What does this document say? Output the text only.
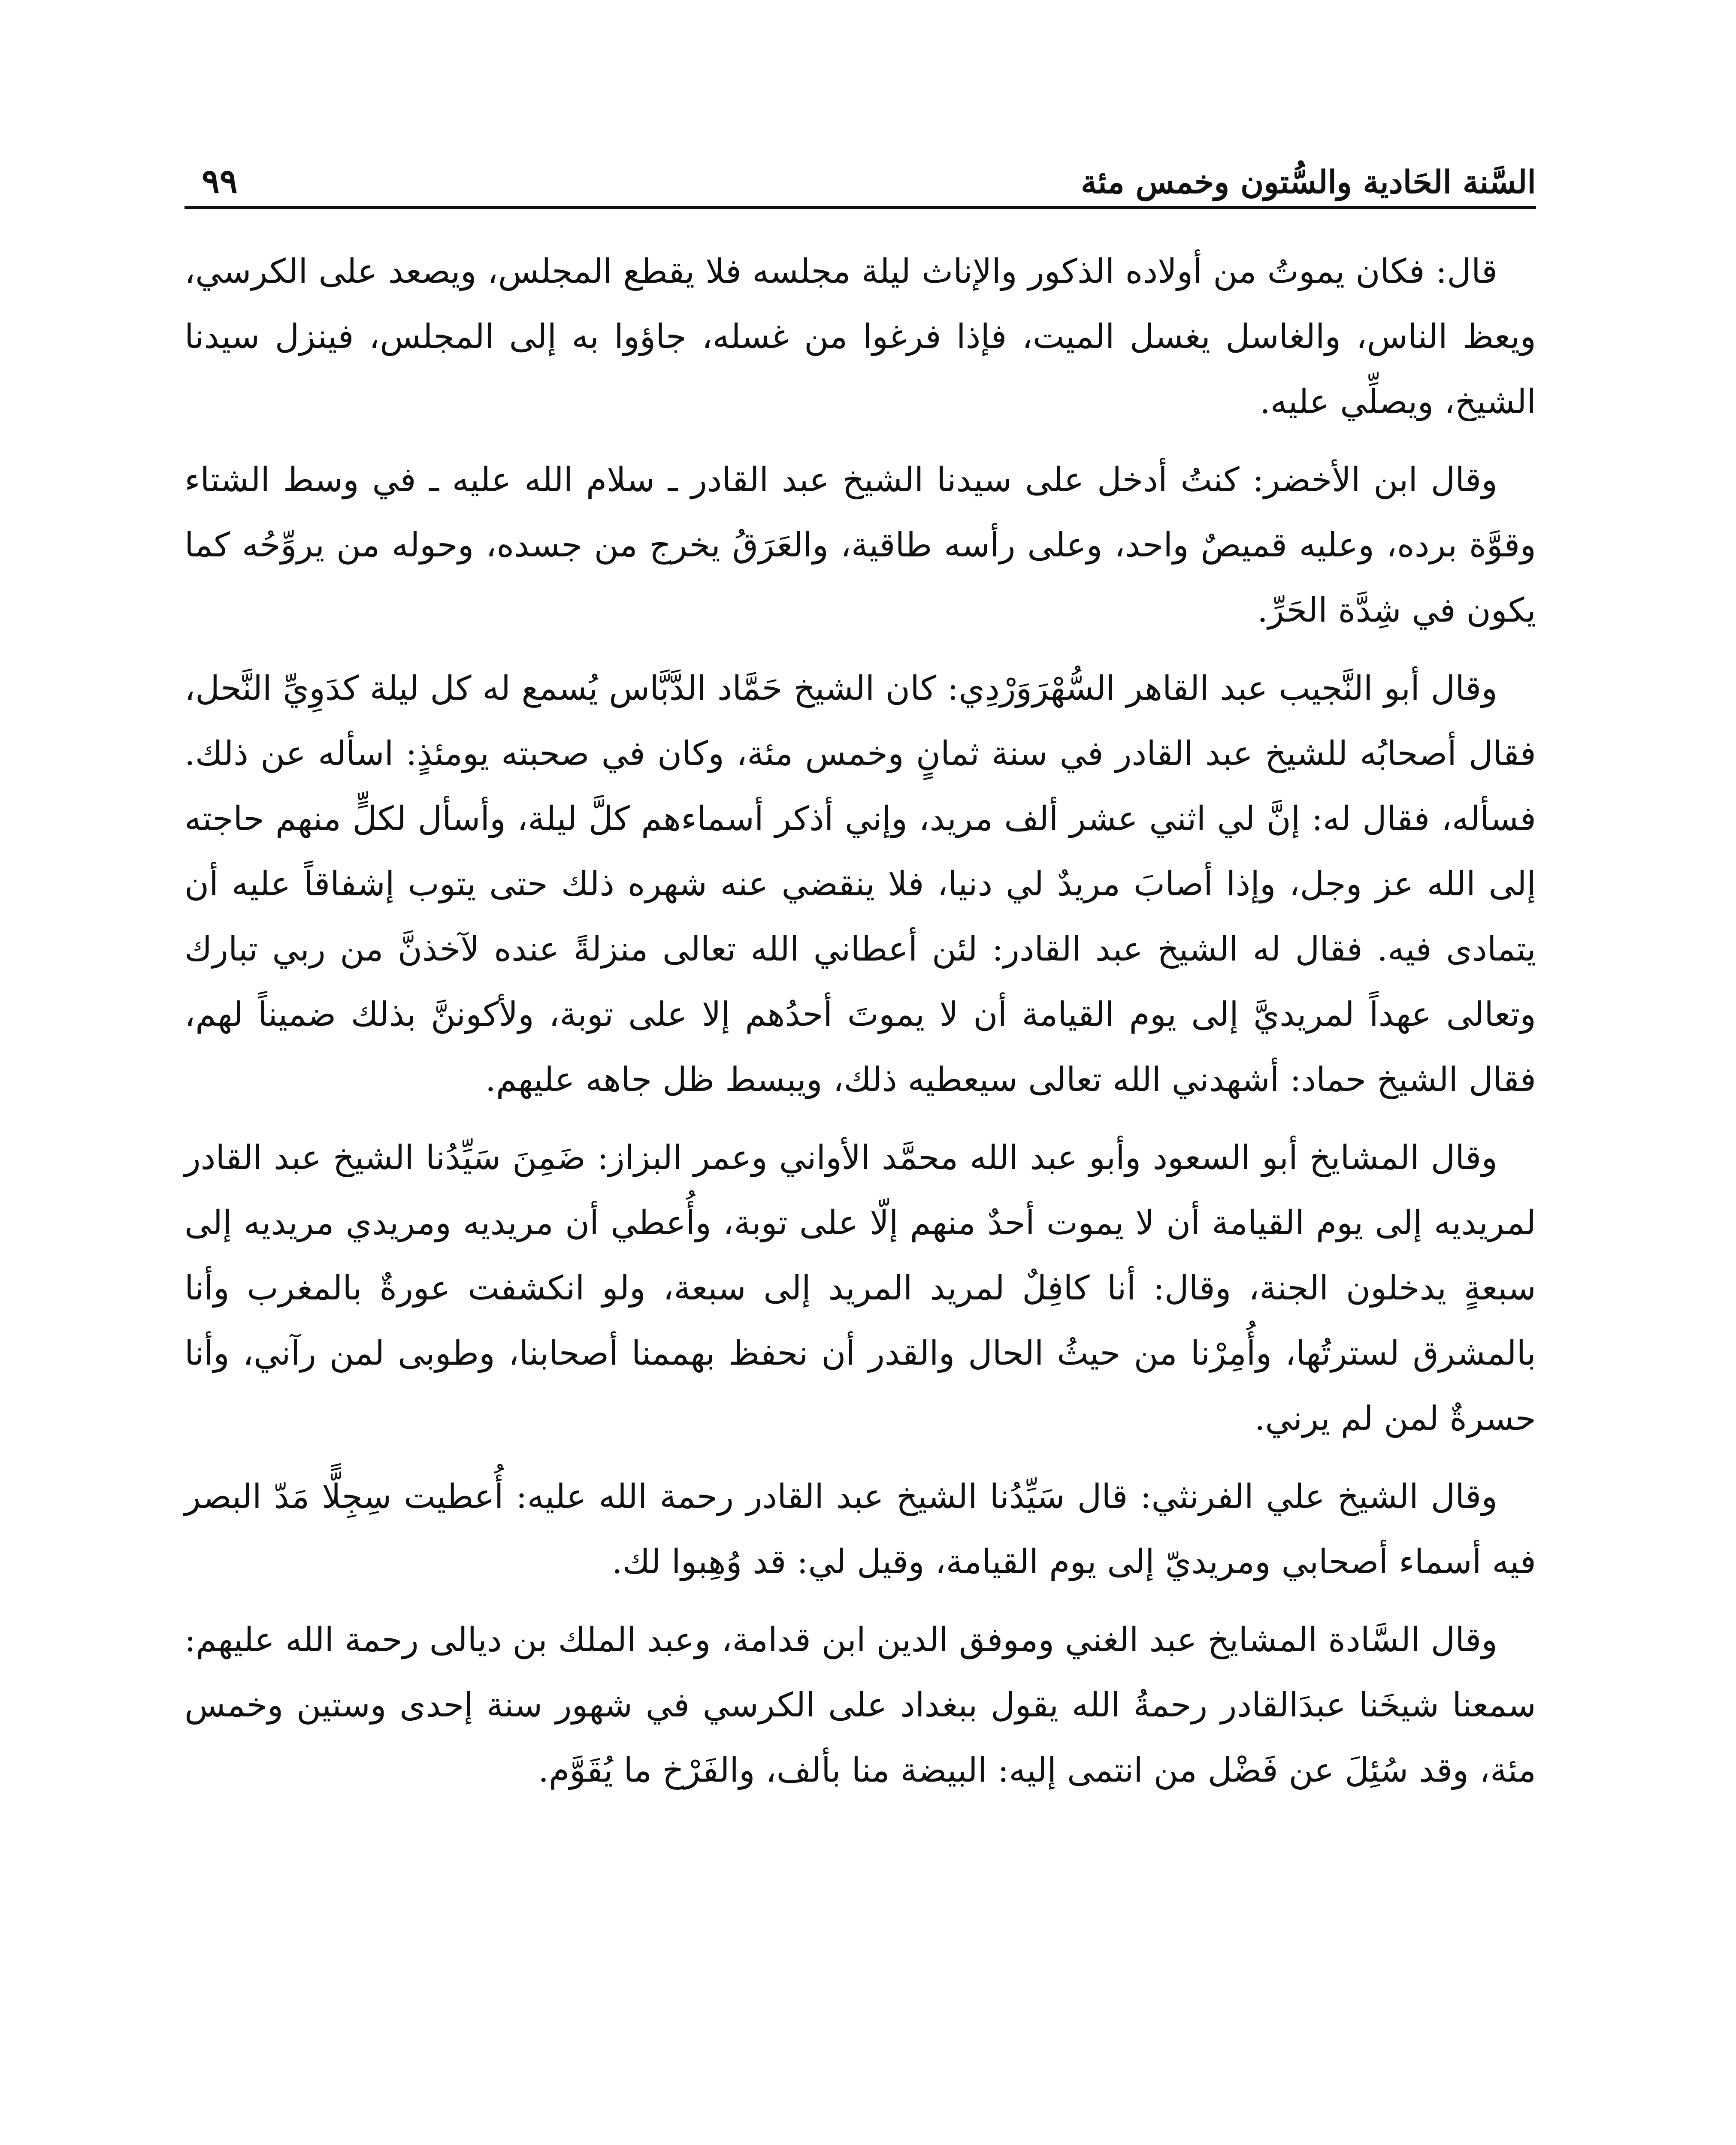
السَّنة الحَادية والسُّتون وخمس مئة
٩٩

قال: فكان يموتُ من أولاده الذكور والإناث ليلة مجلسه فلا يقطع المجلس، ويصعد على الكرسي، ويعظ الناس، والغاسل يغسل الميت، فإذا فرغوا من غسله، جاؤوا به إلى المجلس، فينزل سيدنا الشيخ، ويصلِّي عليه.

وقال ابن الأخضر: كنتُ أدخل على سيدنا الشيخ عبد القادر ـ سلام الله عليه ـ في وسط الشتاء وقوَّة برده، وعليه قميصٌ واحد، وعلى رأسه طاقية، والعَرَقُ يخرج من جسده، وحوله من يروِّحُه كما يكون في شِدَّة الحَرِّ.

وقال أبو النَّجيب عبد القاهر السُّهْرَوَرْدِي: كان الشيخ حَمَّاد الدَّبَّاس يُسمع له كل ليلة كدَوِيِّ النَّحل، فقال أصحابُه للشيخ عبد القادر في سنة ثمانٍ وخمس مئة، وكان في صحبته يومئذٍ: اسأله عن ذلك. فسأله، فقال له: إنَّ لي اثني عشر ألف مريد، وإني أذكر أسماءهم كلَّ ليلة، وأسأل لكلٍّ منهم حاجته إلى الله عز وجل، وإذا أصابَ مريدٌ لي دنيا، فلا ينقضي عنه شهره ذلك حتى يتوب إشفاقاً عليه أن يتمادى فيه. فقال له الشيخ عبد القادر: لئن أعطاني الله تعالى منزلةً عنده لآخذنَّ من ربي تبارك وتعالى عهداً لمريديَّ إلى يوم القيامة أن لا يموتَ أحدُهم إلا على توبة، ولأكوننَّ بذلك ضميناً لهم، فقال الشيخ حماد: أشهدني الله تعالى سيعطيه ذلك، ويبسط ظل جاهه عليهم.

وقال المشايخ أبو السعود وأبو عبد الله محمَّد الأواني وعمر البزاز: ضَمِنَ سَيِّدُنا الشيخ عبد القادر لمريديه إلى يوم القيامة أن لا يموت أحدٌ منهم إلّا على توبة، وأُعطي أن مريديه ومريدي مريديه إلى سبعةٍ يدخلون الجنة، وقال: أنا كافِلٌ لمريد المريد إلى سبعة، ولو انكشفت عورةٌ بالمغرب وأنا بالمشرق لسترتُها، وأُمِرْنا من حيثُ الحال والقدر أن نحفظ بهممنا أصحابنا، وطوبى لمن رآني، وأنا حسرةٌ لمن لم يرني.

وقال الشيخ علي الفرنثي: قال سَيِّدُنا الشيخ عبد القادر رحمة الله عليه: أُعطيت سِجِلًّا مَدّ البصر فيه أسماء أصحابي ومريديّ إلى يوم القيامة، وقيل لي: قد وُهِبوا لك.

وقال السَّادة المشايخ عبد الغني وموفق الدين ابن قدامة، وعبد الملك بن ديالى رحمة الله عليهم: سمعنا شيخَنا عبدَالقادر رحمةُ الله يقول ببغداد على الكرسي في شهور سنة إحدى وستين وخمس مئة، وقد سُئِلَ عن فَضْل من انتمى إليه: البيضة منا بألف، والفَرْخ ما يُقَوَّم.
